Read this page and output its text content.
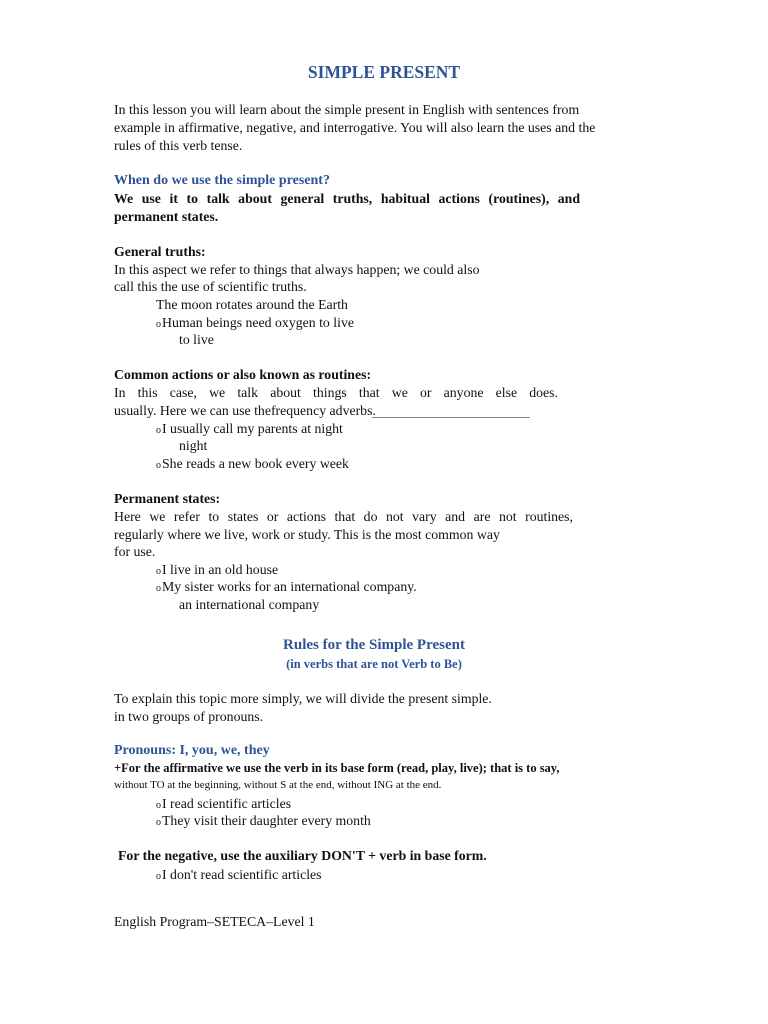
SIMPLE PRESENT
In this lesson you will learn about the simple present in English with sentences from
example in affirmative, negative, and interrogative. You will also learn the uses and the
rules of this verb tense.
When do we use the simple present?
We use it to talk about general truths, habitual actions (routines), and
permanent states.
General truths:
In this aspect we refer to things that always happen; we could also
call this the use of scientific truths.
The moon rotates around the Earth
oHuman beings need oxygen to live
to live
Common actions or also known as routines:
In this case, we talk about things that we or anyone else does.
usually. Here we can use thefrequency adverbs.
oI usually call my parents at night
night
oShe reads a new book every week
Permanent states:
Here we refer to states or actions that do not vary and are not routines,
regularly where we live, work or study. This is the most common way
for use.
oI live in an old house
oMy sister works for an international company.
an international company
Rules for the Simple Present
(in verbs that are not Verb to Be)
To explain this topic more simply, we will divide the present simple.
in two groups of pronouns.
Pronouns: I, you, we, they
+For the affirmative we use the verb in its base form (read, play, live); that is to say,
without TO at the beginning, without S at the end, without ING at the end.
oI read scientific articles
oThey visit their daughter every month
For the negative, use the auxiliary DON'T + verb in base form.
oI don't read scientific articles
English Program–SETECA–Level 1
